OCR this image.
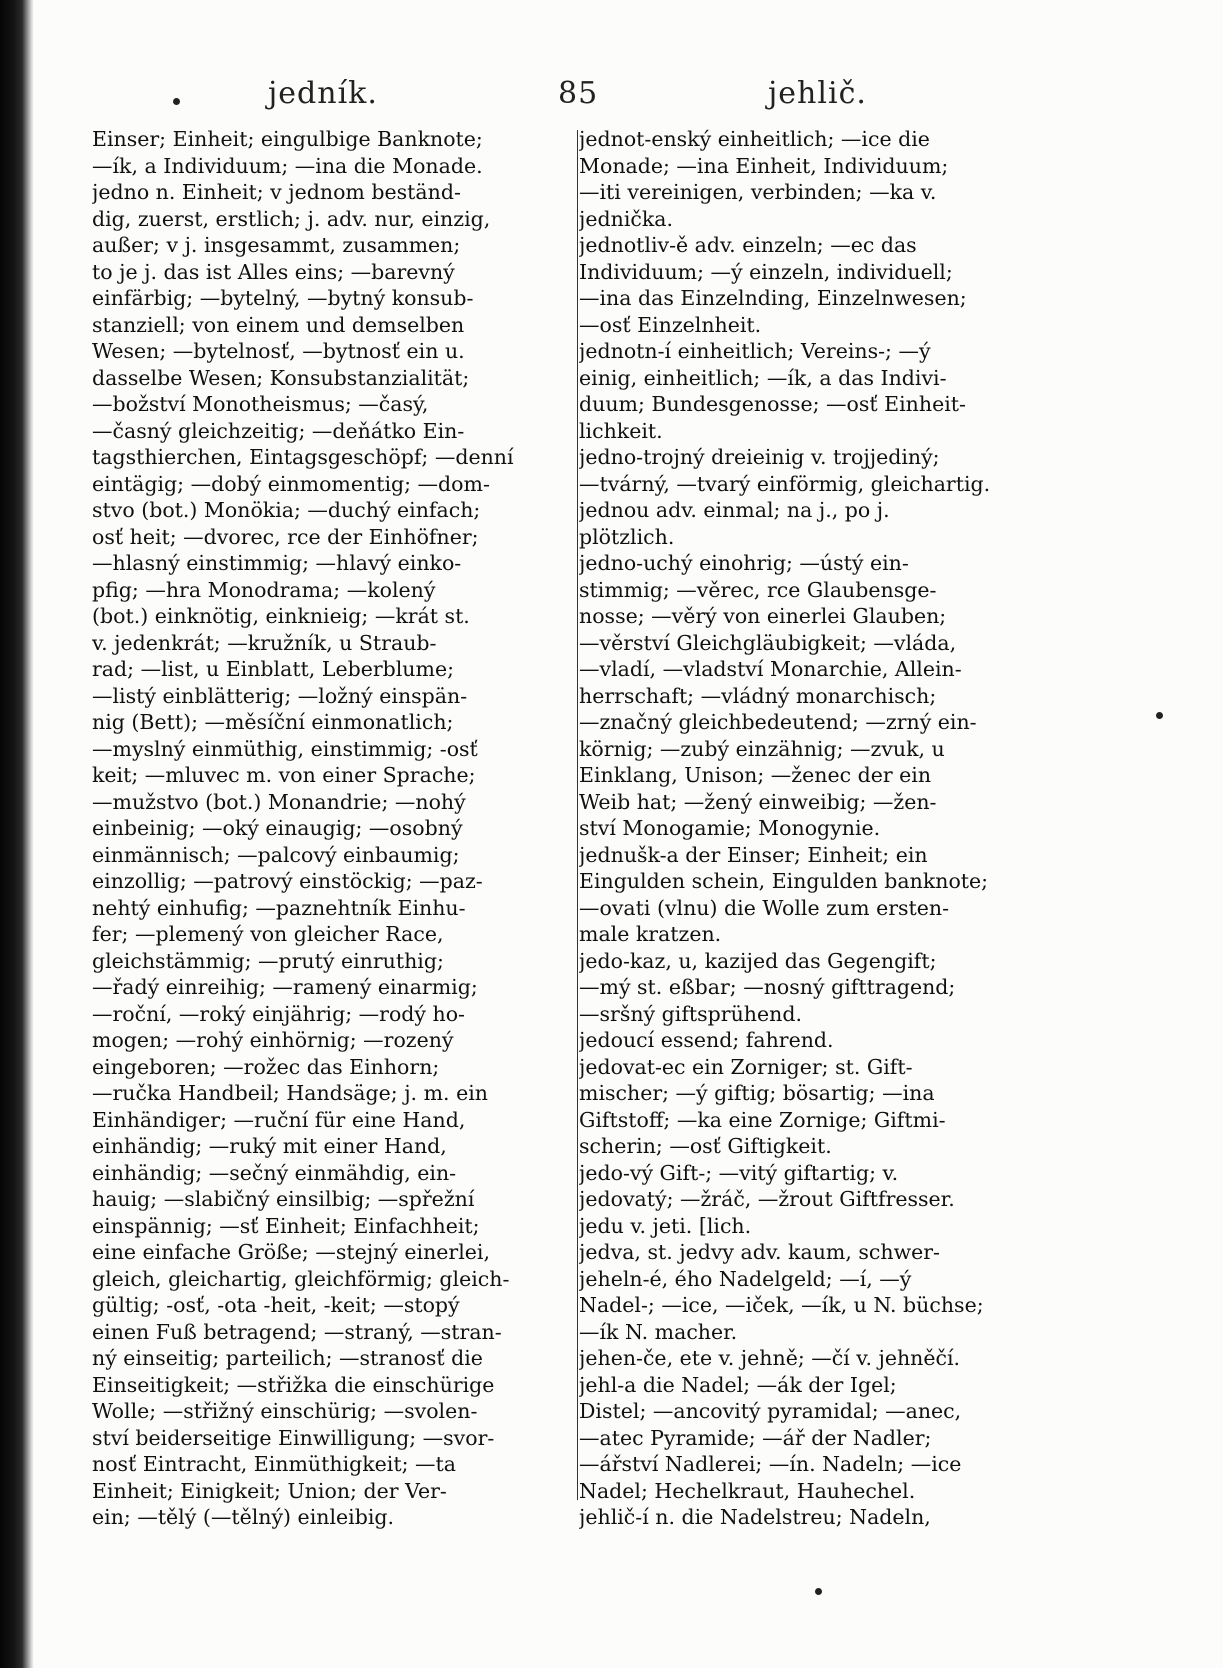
jedník.	85	jehlič.
Einser; Einheit; eingulbige Banknote;
—ík, a Individuum; —ina die Monade.
jedno n. Einheit; v jednom beständ-
dig, zuerst, erstlich; j. adv. nur, einzig,
außer; v j. insgesammt, zusammen;
to je j. das ist Alles eins; —barevný
einfärbig; —bytelný, —bytný konsub-
stanziell; von einem und demselben
Wesen; —bytelnosť, —bytnosť ein u.
dasselbe Wesen; Konsubstanzialität;
—božství Monotheismus; —časý,
—časný gleichzeitig; —deňátko Ein-
tagsthierchen, Eintagsgeschöpf; —denní
eintägig; —dobý einmomentig; —dom-
stvo (bot.) Monökia; —duchý einfach;
osť heit; —dvorec, rce der Einhöfner;
—hlasný einstimmig; —hlavý einko-
pfig; —hra Monodrama; —kolený
(bot.) einknötig, einknieig; —krát st.
v. jedenkrát; —kružník, u Straub-
rad; —list, u Einblatt, Leberblume;
—listý einblätterig; —ložný einspän-
nig (Bett); —měsíční einmonatlich;
—myslný einmüthig, einstimmig; -osť
keit; —mluvec m. von einer Sprache;
—mužstvo (bot.) Monandrie; —nohý
einbeinig; —oký einaugig; —osobný
einmännisch; —palcový einbaumig;
einzollig; —patrový einstöckig; —paz-
nehtý einhufig; —paznehtník Einhu-
fer; —plemený von gleicher Race,
gleichstämmig; —prutý einruthig;
—řadý einreihig; —ramený einarmig;
—roční, —roký einjährig; —rodý ho-
mogen; —rohý einhörnig; —rozený
eingeboren; —rožec das Einhorn;
—ručka Handbeil; Handsäge; j. m. ein
Einhändiger; —ruční für eine Hand,
einhändig; —ruký mit einer Hand,
einhändig; —sečný einmähdig, ein-
hauig; —slabičný einsilbig; —spřežní
einspännig; —sť Einheit; Einfachheit;
eine einfache Größe; —stejný einerlei,
gleich, gleichartig, gleichförmig; gleich-
gültig; -osť, -ota -heit, -keit; —stopý
einen Fuß betragend; —straný, —stran-
ný einseitig; parteilich; —stranosť die
Einseitigkeit; —střižka die einschürige
Wolle; —střižný einschürig; —svolen-
ství beiderseitige Einwilligung; —svor-
nosť Eintracht, Einmüthigkeit; —ta
Einheit; Einigkeit; Union; der Ver-
ein; —tělý (—tělný) einleibig.
jednot-enský einheitlich; —ice die
Monade; —ina Einheit, Individuum;
—iti vereinigen, verbinden; —ka v.
jednička.
jednotliv-ě adv. einzeln; —ec das
Individuum; —ý einzeln, individuell;
—ina das Einzelnding, Einzelnwesen;
—osť Einzelnheit.
jednotn-í einheitlich; Vereins-; —ý
einig, einheitlich; —ík, a das Indivi-
duum; Bundesgenosse; —osť Einheit-
lichkeit.
jedno-trojný dreieinig v. trojjediný;
—tvárný, —tvarý einförmig, gleichartig.
jednou adv. einmal; na j., po j.
plötzlich.
jedno-uchý einohrig; —ústý ein-
stimmig; —věrec, rce Glaubensge-
nosse; —věrý von einerlei Glauben;
—věrství Gleichgläubigkeit; —vláda,
—vladí, —vladství Monarchie, Allein-
herrschaft; —vládný monarchisch;
—značný gleichbedeutend; —zrný ein-
körnig; —zubý einzähnig; —zvuk, u
Einklang, Unison; —ženec der ein
Weib hat; —žený einweibig; —žen-
ství Monogamie; Monogynie.
jednušk-a der Einser; Einheit; ein
Eingulden schein, Eingulden banknote;
—ovati (vlnu) die Wolle zum ersten-
male kratzen.
jedo-kaz, u, kazijed das Gegengift;
—mý st. eßbar; —nosný gifttragend;
—sršný giftsprühend.
jedoucí essend; fahrend.
jedovat-ec ein Zorniger; st. Gift-
mischer; —ý giftig; bösartig; —ina
Giftstoff; —ka eine Zornige; Giftmi-
scherin; —osť Giftigkeit.
jedo-vý Gift-; —vitý giftartig; v.
jedovatý; —žráč, —žrout Giftfresser.
jedu v. jeti. [lich.
jedva, st. jedvy adv. kaum, schwer-
jeheln-é, ého Nadelgeld; —í, —ý
Nadel-; —ice, —iček, —ík, u N. büchse;
—ík N. macher.
jehen-če, ete v. jehně; —čí v. jehněčí.
jehl-a die Nadel; —ák der Igel;
Distel; —ancovitý pyramidal; —anec,
—atec Pyramide; —ář der Nadler;
—ářství Nadlerei; —ín. Nadeln; —ice
Nadel; Hechelkraut, Hauhechel.
jehlič-í n. die Nadelstreu; Nadeln,
